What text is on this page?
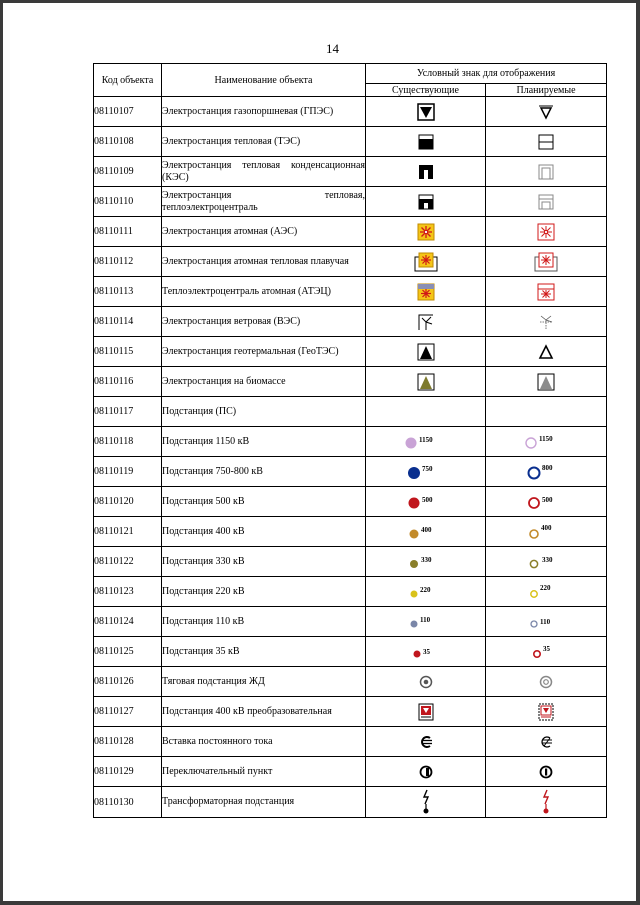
14
Код объекта	Наименование объекта	Условный знак для отображения	
		Существующие	Планируемые
08110107	Электростанция газопоршневая (ГПЭС)	

08110108	Электростанция тепловая (ТЭС)	

08110109	Электростанция тепловая конденсационная (КЭС)	

08110110	Электростанция тепловая, теплоэлектроцентраль	

08110111	Электростанция атомная (АЭС)	

08110112	Электростанция атомная тепловая плавучая	

08110113	Теплоэлектроцентраль атомная (АТЭЦ)	

08110114	Электростанция ветровая (ВЭС)	

08110115	Электростанция геотермальная (ГеоТЭС)	

08110116	Электростанция на биомассе	

08110117	Подстанция (ПС)		
08110118	Подстанция 1150 кВ	1150	1150

08110119	Подстанция 750-800 кВ	750	800

08110120	Подстанция 500 кВ	500	500

08110121	Подстанция 400 кВ	400	400

08110122	Подстанция 330 кВ	330	330

08110123	Подстанция 220 кВ	220	220

08110124	Подстанция 110 кВ	110	110

08110125	Подстанция 35 кВ	35	35

08110126	Тяговая подстанция ЖД	

08110127	Подстанция 400 кВ преобразовательная	

08110128	Вставка постоянного тока	

08110129	Переключательный пункт	

08110130	Трансформаторная подстанция	
